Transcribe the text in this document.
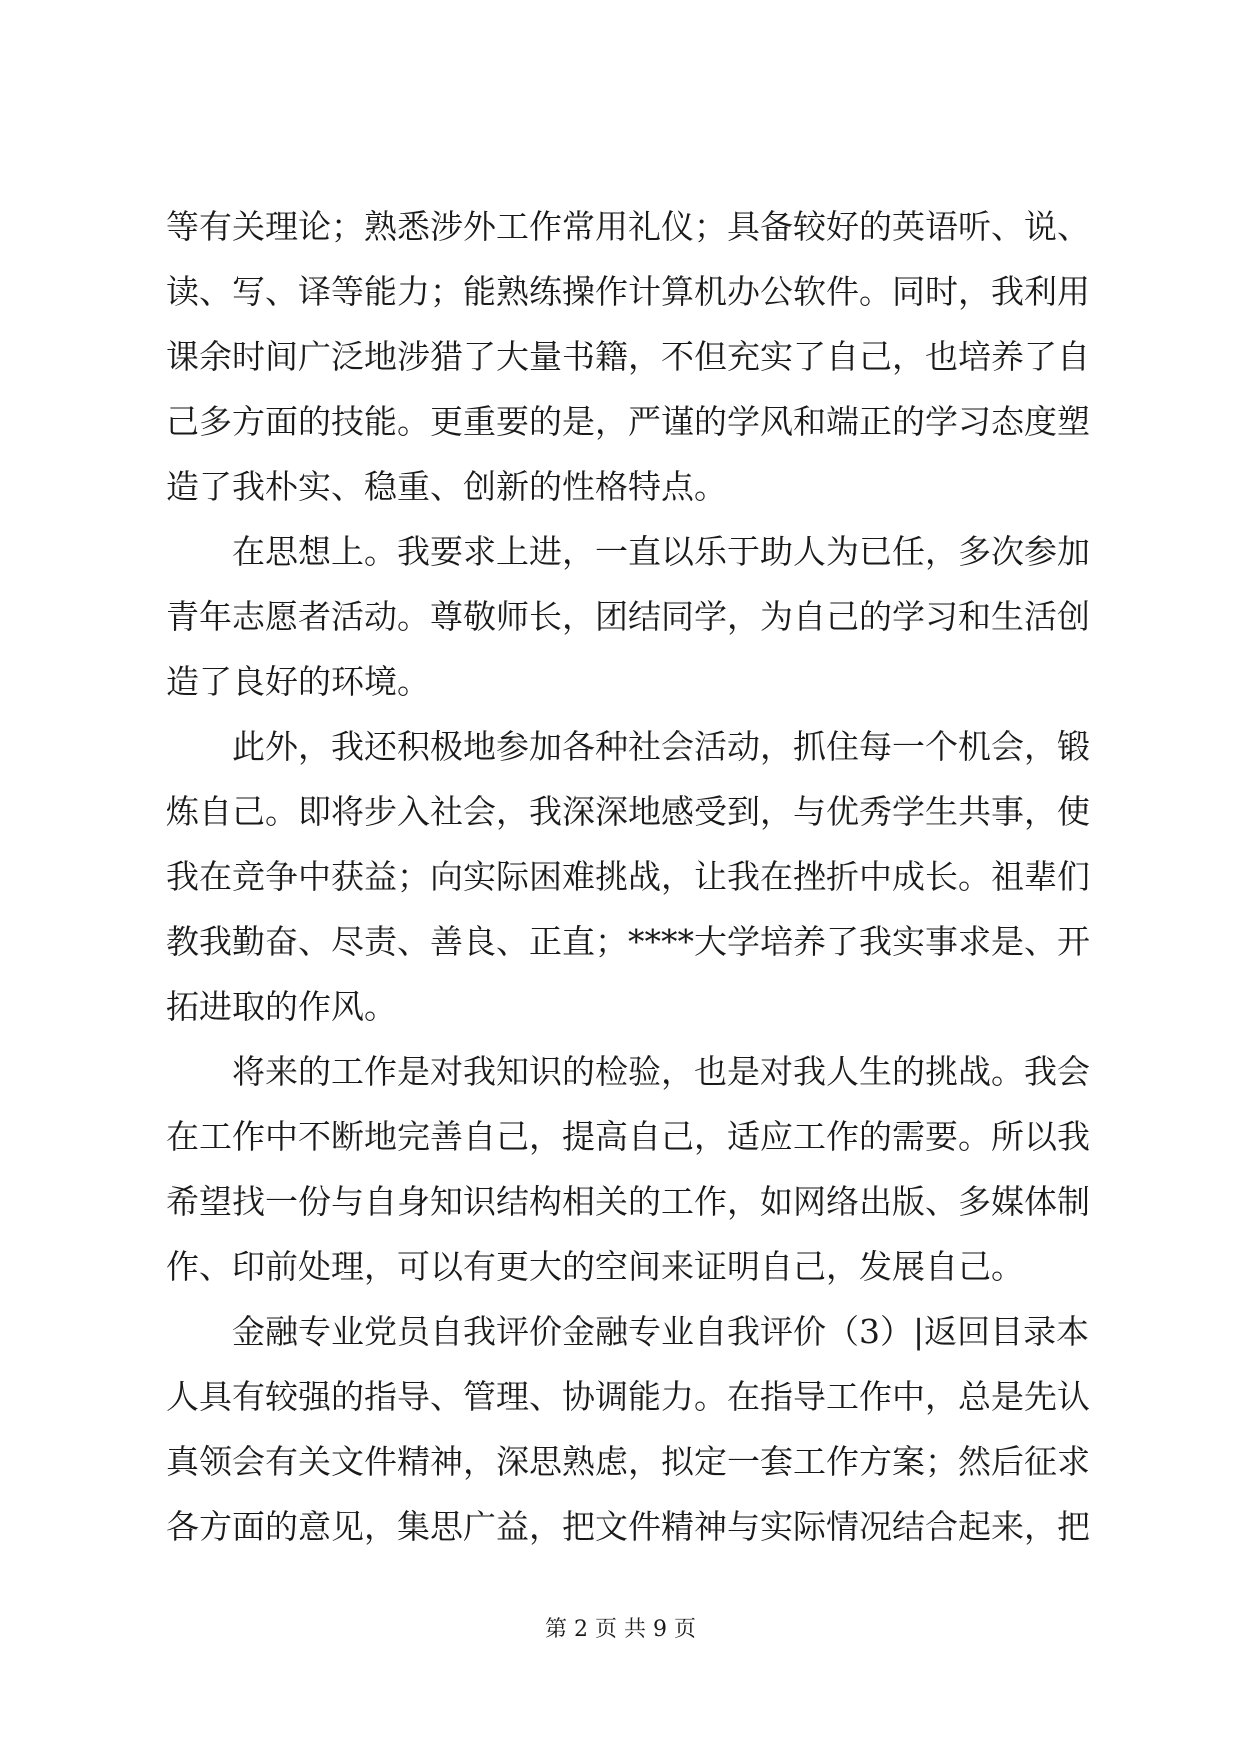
等有关理论；熟悉涉外工作常用礼仪；具备较好的英语听、说、
读、写、译等能力；能熟练操作计算机办公软件。同时，我利用
课余时间广泛地涉猎了大量书籍，不但充实了自己，也培养了自
己多方面的技能。更重要的是，严谨的学风和端正的学习态度塑
造了我朴实、稳重、创新的性格特点。
　　在思想上。我要求上进，一直以乐于助人为已任，多次参加
青年志愿者活动。尊敬师长，团结同学，为自己的学习和生活创
造了良好的环境。
　　此外，我还积极地参加各种社会活动，抓住每一个机会，锻
炼自己。即将步入社会，我深深地感受到，与优秀学生共事，使
我在竞争中获益；向实际困难挑战，让我在挫折中成长。祖辈们
教我勤奋、尽责、善良、正直；****大学培养了我实事求是、开
拓进取的作风。
　　将来的工作是对我知识的检验，也是对我人生的挑战。我会
在工作中不断地完善自己，提高自己，适应工作的需要。所以我
希望找一份与自身知识结构相关的工作，如网络出版、多媒体制
作、印前处理，可以有更大的空间来证明自己，发展自己。
　　金融专业党员自我评价金融专业自我评价（3）|返回目录本
人具有较强的指导、管理、协调能力。在指导工作中，总是先认
真领会有关文件精神，深思熟虑，拟定一套工作方案；然后征求
各方面的意见，集思广益，把文件精神与实际情况结合起来，把
第 2 页 共 9 页
